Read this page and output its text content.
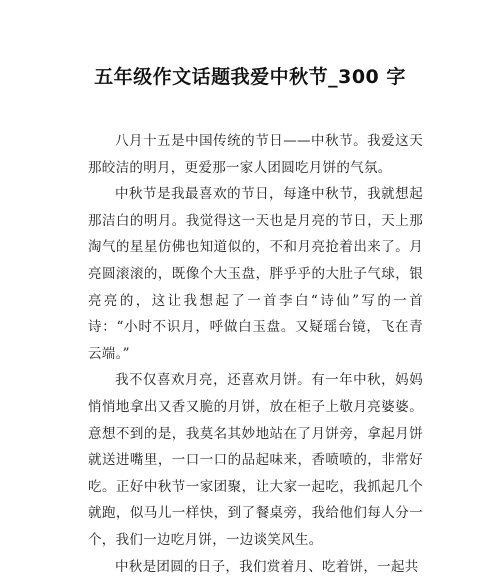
五年级作文话题我爱中秋节_300 字

八月十五是中国传统的节日——中秋节。我爱这天那皎洁的明月，更爱那一家人团圆吃月饼的气氛。

中秋节是我最喜欢的节日，每逢中秋节，我就想起那洁白的明月。我觉得这一天也是月亮的节日，天上那淘气的星星仿佛也知道似的，不和月亮抢着出来了。月亮圆滚滚的，既像个大玉盘，胖乎乎的大肚子气球，银亮亮的，这让我想起了一首李白“诗仙”写的一首诗：“小时不识月，呼做白玉盘。又疑瑶台镜，飞在青云端。”

我不仅喜欢月亮，还喜欢月饼。有一年中秋，妈妈悄悄地拿出又香又脆的月饼，放在柜子上敬月亮婆婆。意想不到的是，我莫名其妙地站在了月饼旁，拿起月饼就送进嘴里，一口一口的品起味来，香喷喷的，非常好吃。正好中秋节一家团聚，让大家一起吃，我抓起几个就跑，似马儿一样快，到了餐桌旁，我给他们每人分一个，我们一边吃月饼，一边谈笑风生。

中秋是团圆的日子，我们赏着月、吃着饼，一起共
